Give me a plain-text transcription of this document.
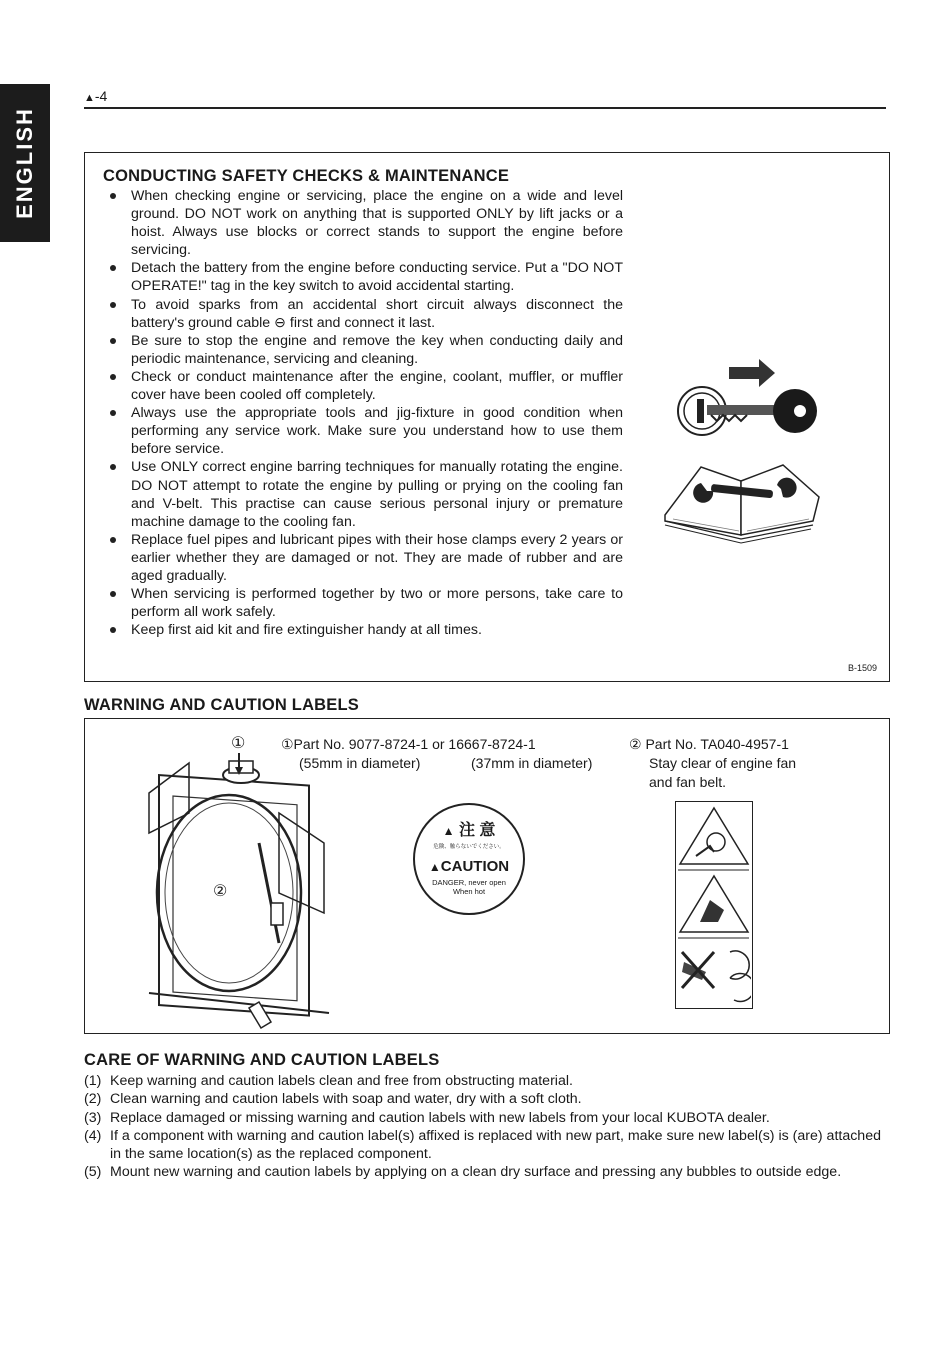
ENGLISH
▲-4
CONDUCTING SAFETY CHECKS & MAINTENANCE
When checking engine or servicing, place the engine on a wide and level ground. DO NOT work on anything that is supported ONLY by lift jacks or a hoist. Always use blocks or correct stands to support the engine before servicing.
Detach the battery from the engine before conducting service. Put a "DO NOT OPERATE!" tag in the key switch to avoid accidental starting.
To avoid sparks from an accidental short circuit always disconnect the battery's ground cable ⊖ first and connect it last.
Be sure to stop the engine and remove the key when conducting daily and periodic maintenance, servicing and cleaning.
Check or conduct maintenance after the engine, coolant, muffler, or muffler cover have been cooled off completely.
Always use the appropriate tools and jig-fixture in good condition when performing any service work. Make sure you understand how to use them before service.
Use ONLY correct engine barring techniques for manually rotating the engine. DO NOT attempt to rotate the engine by pulling or prying on the cooling fan and V-belt. This practise can cause serious personal injury or premature machine damage to the cooling fan.
Replace fuel pipes and lubricant pipes with their hose clamps every 2 years or earlier whether they are damaged or not. They are made of rubber and are aged gradually.
When servicing is performed together by two or more persons, take care to perform all work safely.
Keep first aid kit and fire extinguisher handy at all times.
B-1509
WARNING AND CAUTION LABELS
①
②
①Part No. 9077-8724-1 or 16667-8724-1
(55mm in diameter)	(37mm in diameter)
▲ 注 意
危険、触らないでください。
▲CAUTION
DANGER, never open
When hot
② Part No. TA040-4957-1
Stay clear of engine fan
and fan belt.
CARE OF WARNING AND CAUTION LABELS
(1) Keep warning and caution labels clean and free from obstructing material.
(2) Clean warning and caution labels with soap and water, dry with a soft cloth.
(3) Replace damaged or missing warning and caution labels with new labels from your local KUBOTA dealer.
(4) If a component with warning and caution label(s) affixed is replaced with new part, make sure new label(s) is (are) attached in the same location(s) as the replaced component.
(5) Mount new warning and caution labels by applying on a clean dry surface and pressing any bubbles to outside edge.
